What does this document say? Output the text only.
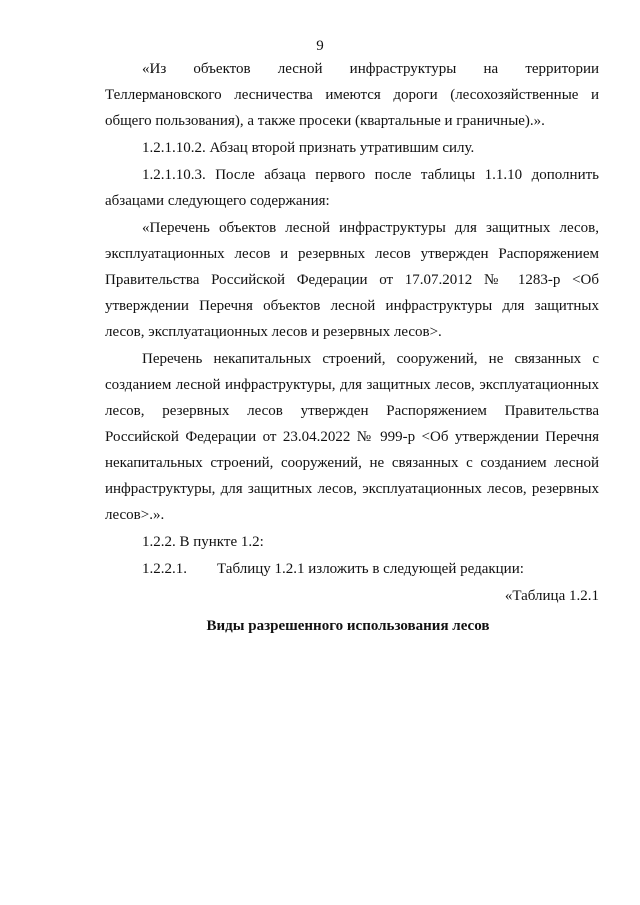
9

«Из объектов лесной инфраструктуры на территории Теллермановского лесничества имеются дороги (лесохозяйственные и общего пользования), а также просеки (квартальные и граничные).».

1.2.1.10.2. Абзац второй признать утратившим силу.

1.2.1.10.3. После абзаца первого после таблицы 1.1.10 дополнить абзацами следующего содержания:

«Перечень объектов лесной инфраструктуры для защитных лесов, эксплуатационных лесов и резервных лесов утвержден Распоряжением Правительства Российской Федерации от 17.07.2012 № 1283-р <Об утверждении Перечня объектов лесной инфраструктуры для защитных лесов, эксплуатационных лесов и резервных лесов>.

Перечень некапитальных строений, сооружений, не связанных с созданием лесной инфраструктуры, для защитных лесов, эксплуатационных лесов, резервных лесов утвержден Распоряжением Правительства Российской Федерации от 23.04.2022 № 999-р <Об утверждении Перечня некапитальных строений, сооружений, не связанных с созданием лесной инфраструктуры, для защитных лесов, эксплуатационных лесов, резервных лесов>.».

1.2.2. В пункте 1.2:

1.2.2.1.	Таблицу 1.2.1 изложить в следующей редакции:

«Таблица 1.2.1

Виды разрешенного использования лесов
